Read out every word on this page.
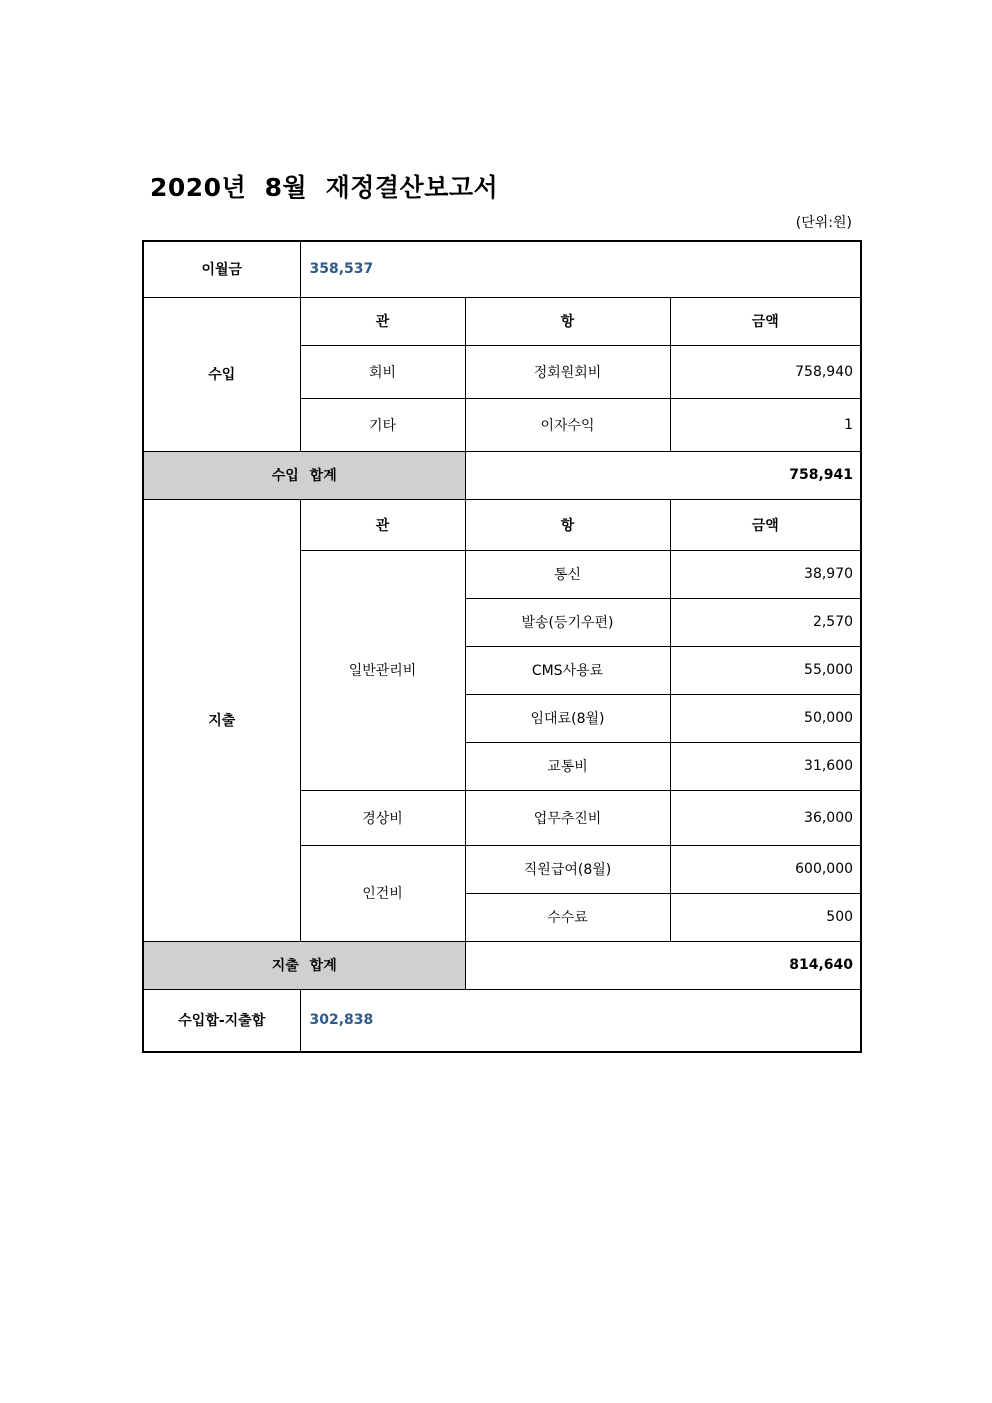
2020년  8월  재정결산보고서
(단위:원)
이월금	358,537		
수입	관	항	금액
	회비	정회원회비	758,940
	기타	이자수익	1
수입 합계		758,941	
지출	관	항	금액
	일반관리비	통신	38,970
		발송(등기우편)	2,570
		CMS사용료	55,000
		임대료(8월)	50,000
		교통비	31,600
	경상비	업무추진비	36,000
	인건비	직원급여(8월)	600,000
		수수료	500
지출 합계		814,640	
수입합-지출합	302,838		
